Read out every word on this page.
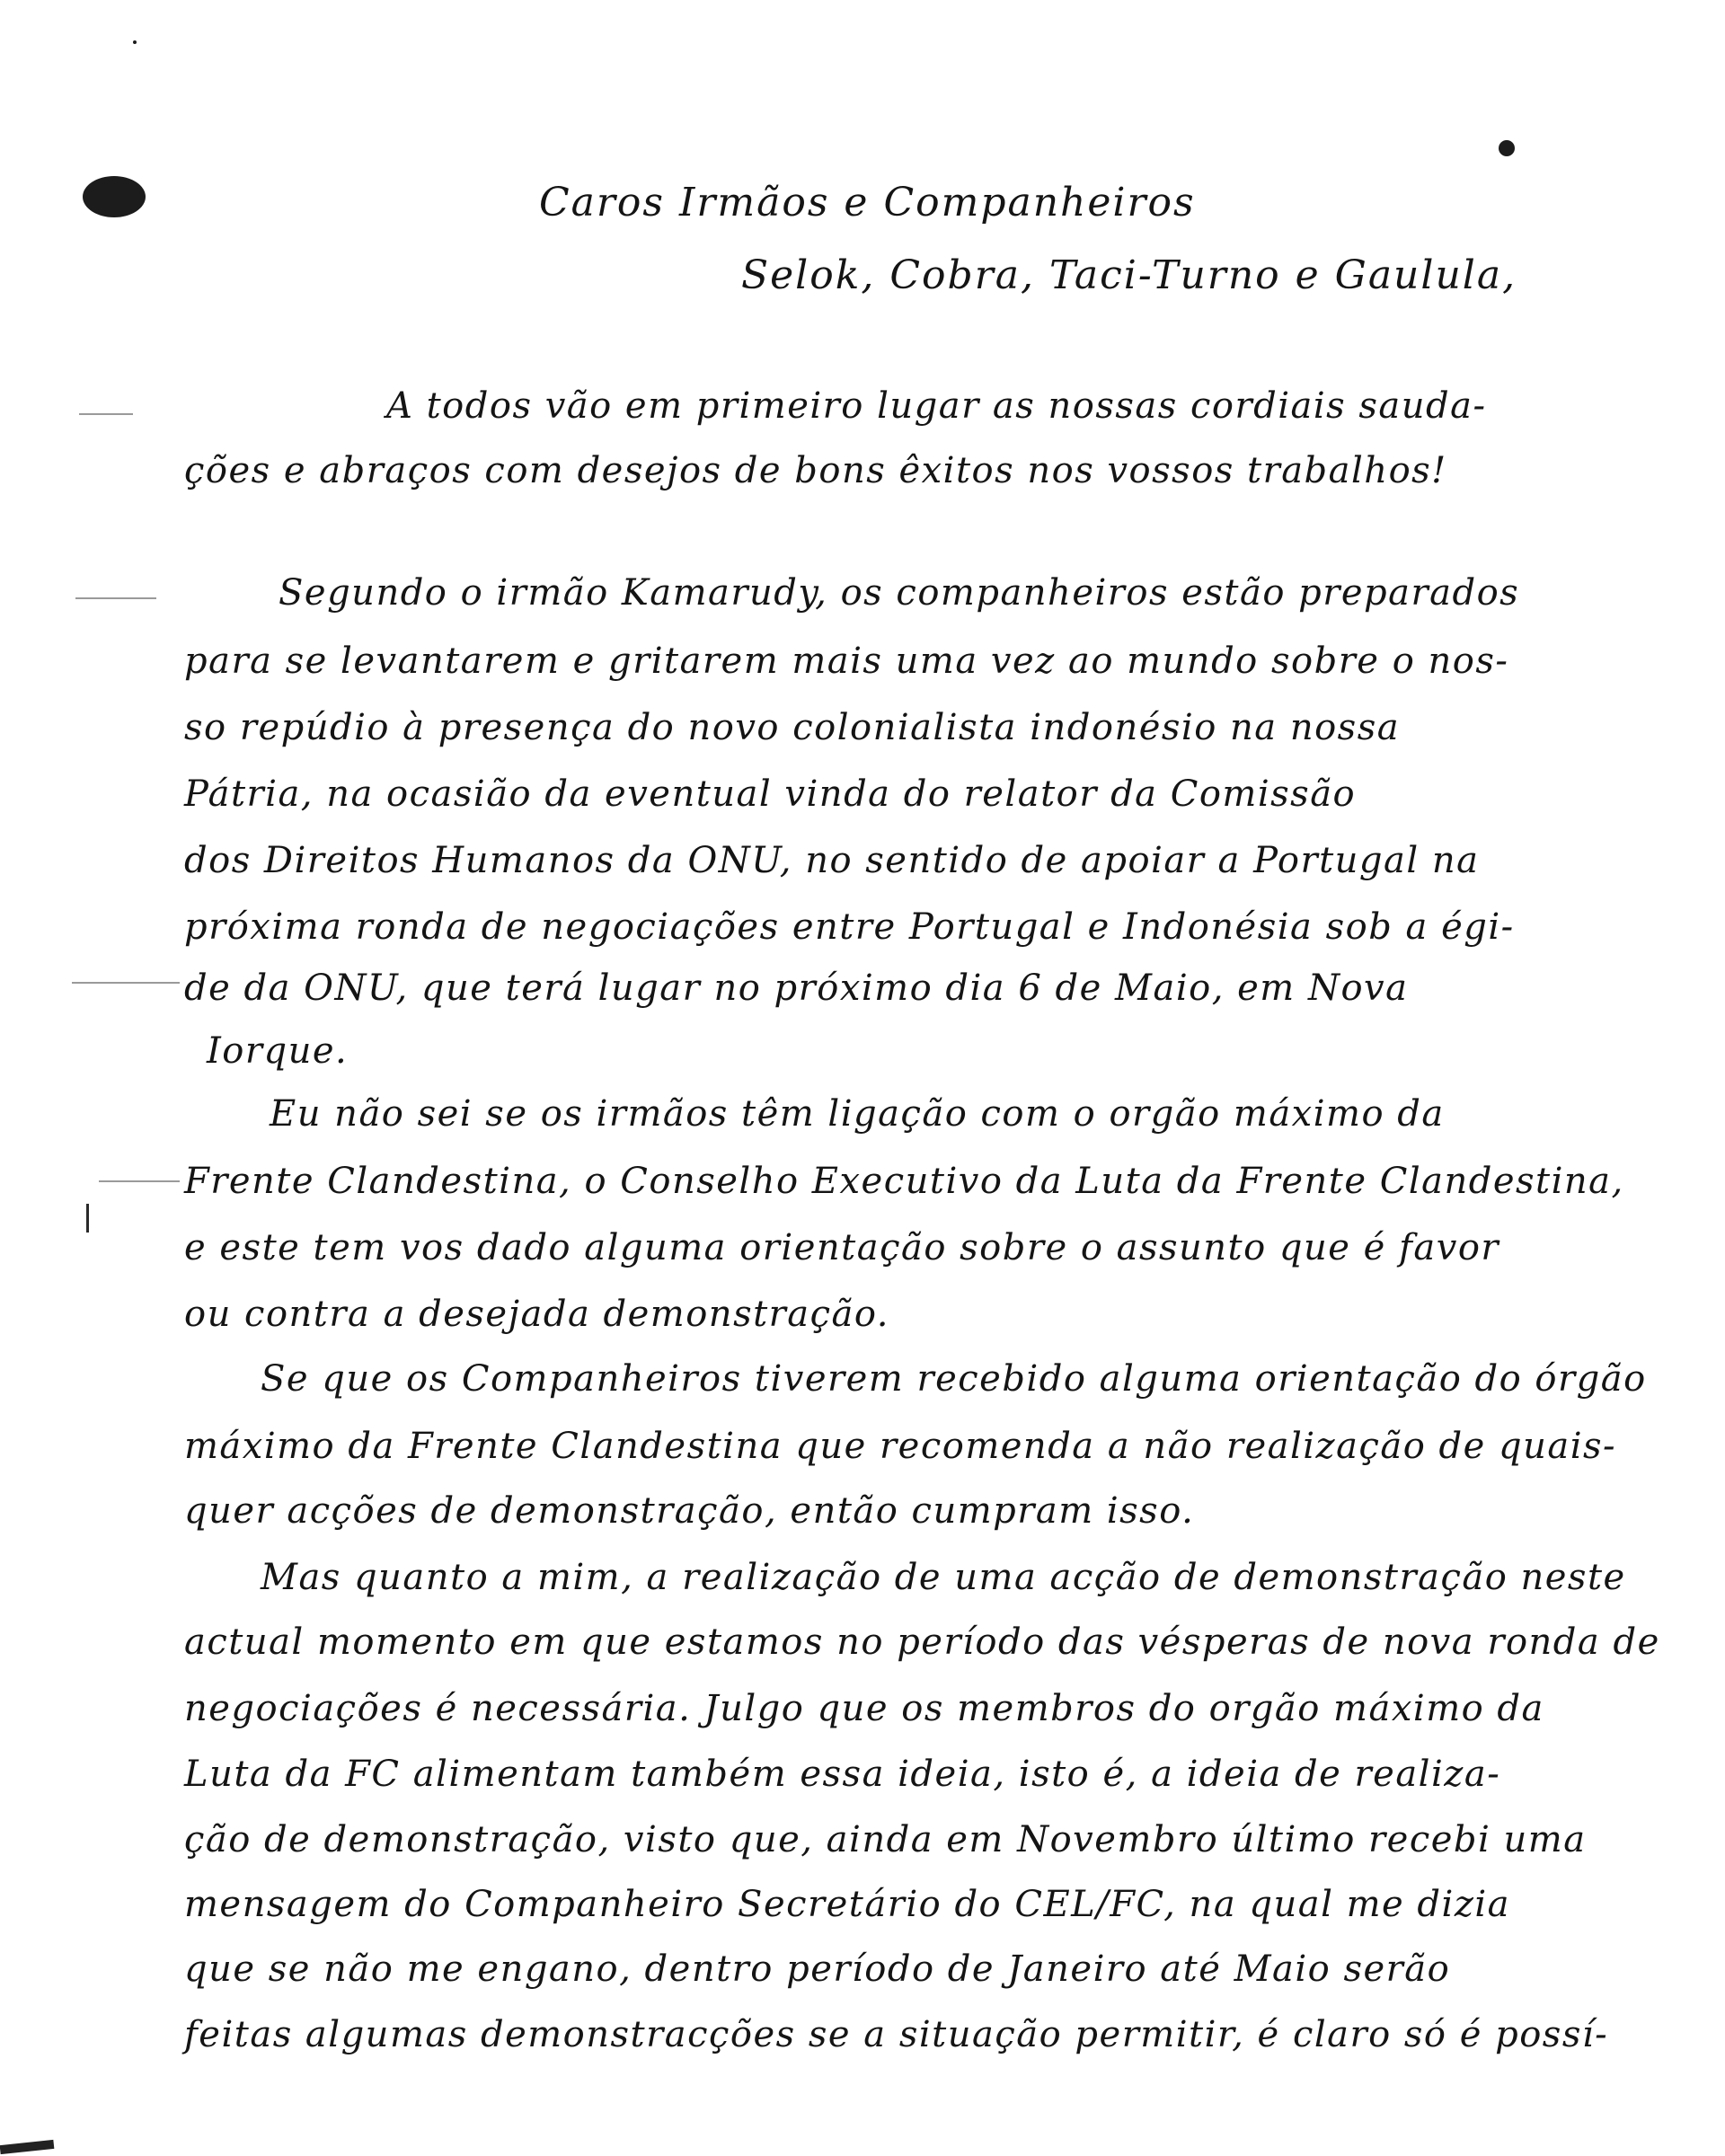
Caros Irmãos e Companheiros
Selok, Cobra, Taci-Turno e Gaulula,
A todos vão em primeiro lugar as nossas cordiais sauda-
ções e abraços com desejos de bons êxitos nos vossos trabalhos!
Segundo o irmão Kamarudy, os companheiros estão preparados
para se levantarem e gritarem mais uma vez ao mundo sobre o nos-
so repúdio à presença do novo colonialista indonésio na nossa
Pátria, na ocasião da eventual vinda do relator da Comissão
dos Direitos Humanos da ONU, no sentido de apoiar a Portugal na
próxima ronda de negociações entre Portugal e Indonésia sob a égi-
de da ONU, que terá lugar no próximo dia 6 de Maio, em Nova
Iorque.
Eu não sei se os irmãos têm ligação com o orgão máximo da
Frente Clandestina, o Conselho Executivo da Luta da Frente Clandestina,
e este tem vos dado alguma orientação sobre o assunto que é favor
ou contra a desejada demonstração.
Se que os Companheiros tiverem recebido alguma orientação do órgão
máximo da Frente Clandestina que recomenda a não realização de quais-
quer acções de demonstração, então cumpram isso.
Mas quanto a mim, a realização de uma acção de demonstração neste
actual momento em que estamos no período das vésperas de nova ronda de
negociações é necessária. Julgo que os membros do orgão máximo da
Luta da FC alimentam também essa ideia, isto é, a ideia de realiza-
ção de demonstração, visto que, ainda em Novembro último recebi uma
mensagem do Companheiro Secretário do CEL/FC, na qual me dizia
que se não me engano, dentro período de Janeiro até Maio serão
feitas algumas demonstracções se a situação permitir, é claro só é possí-
